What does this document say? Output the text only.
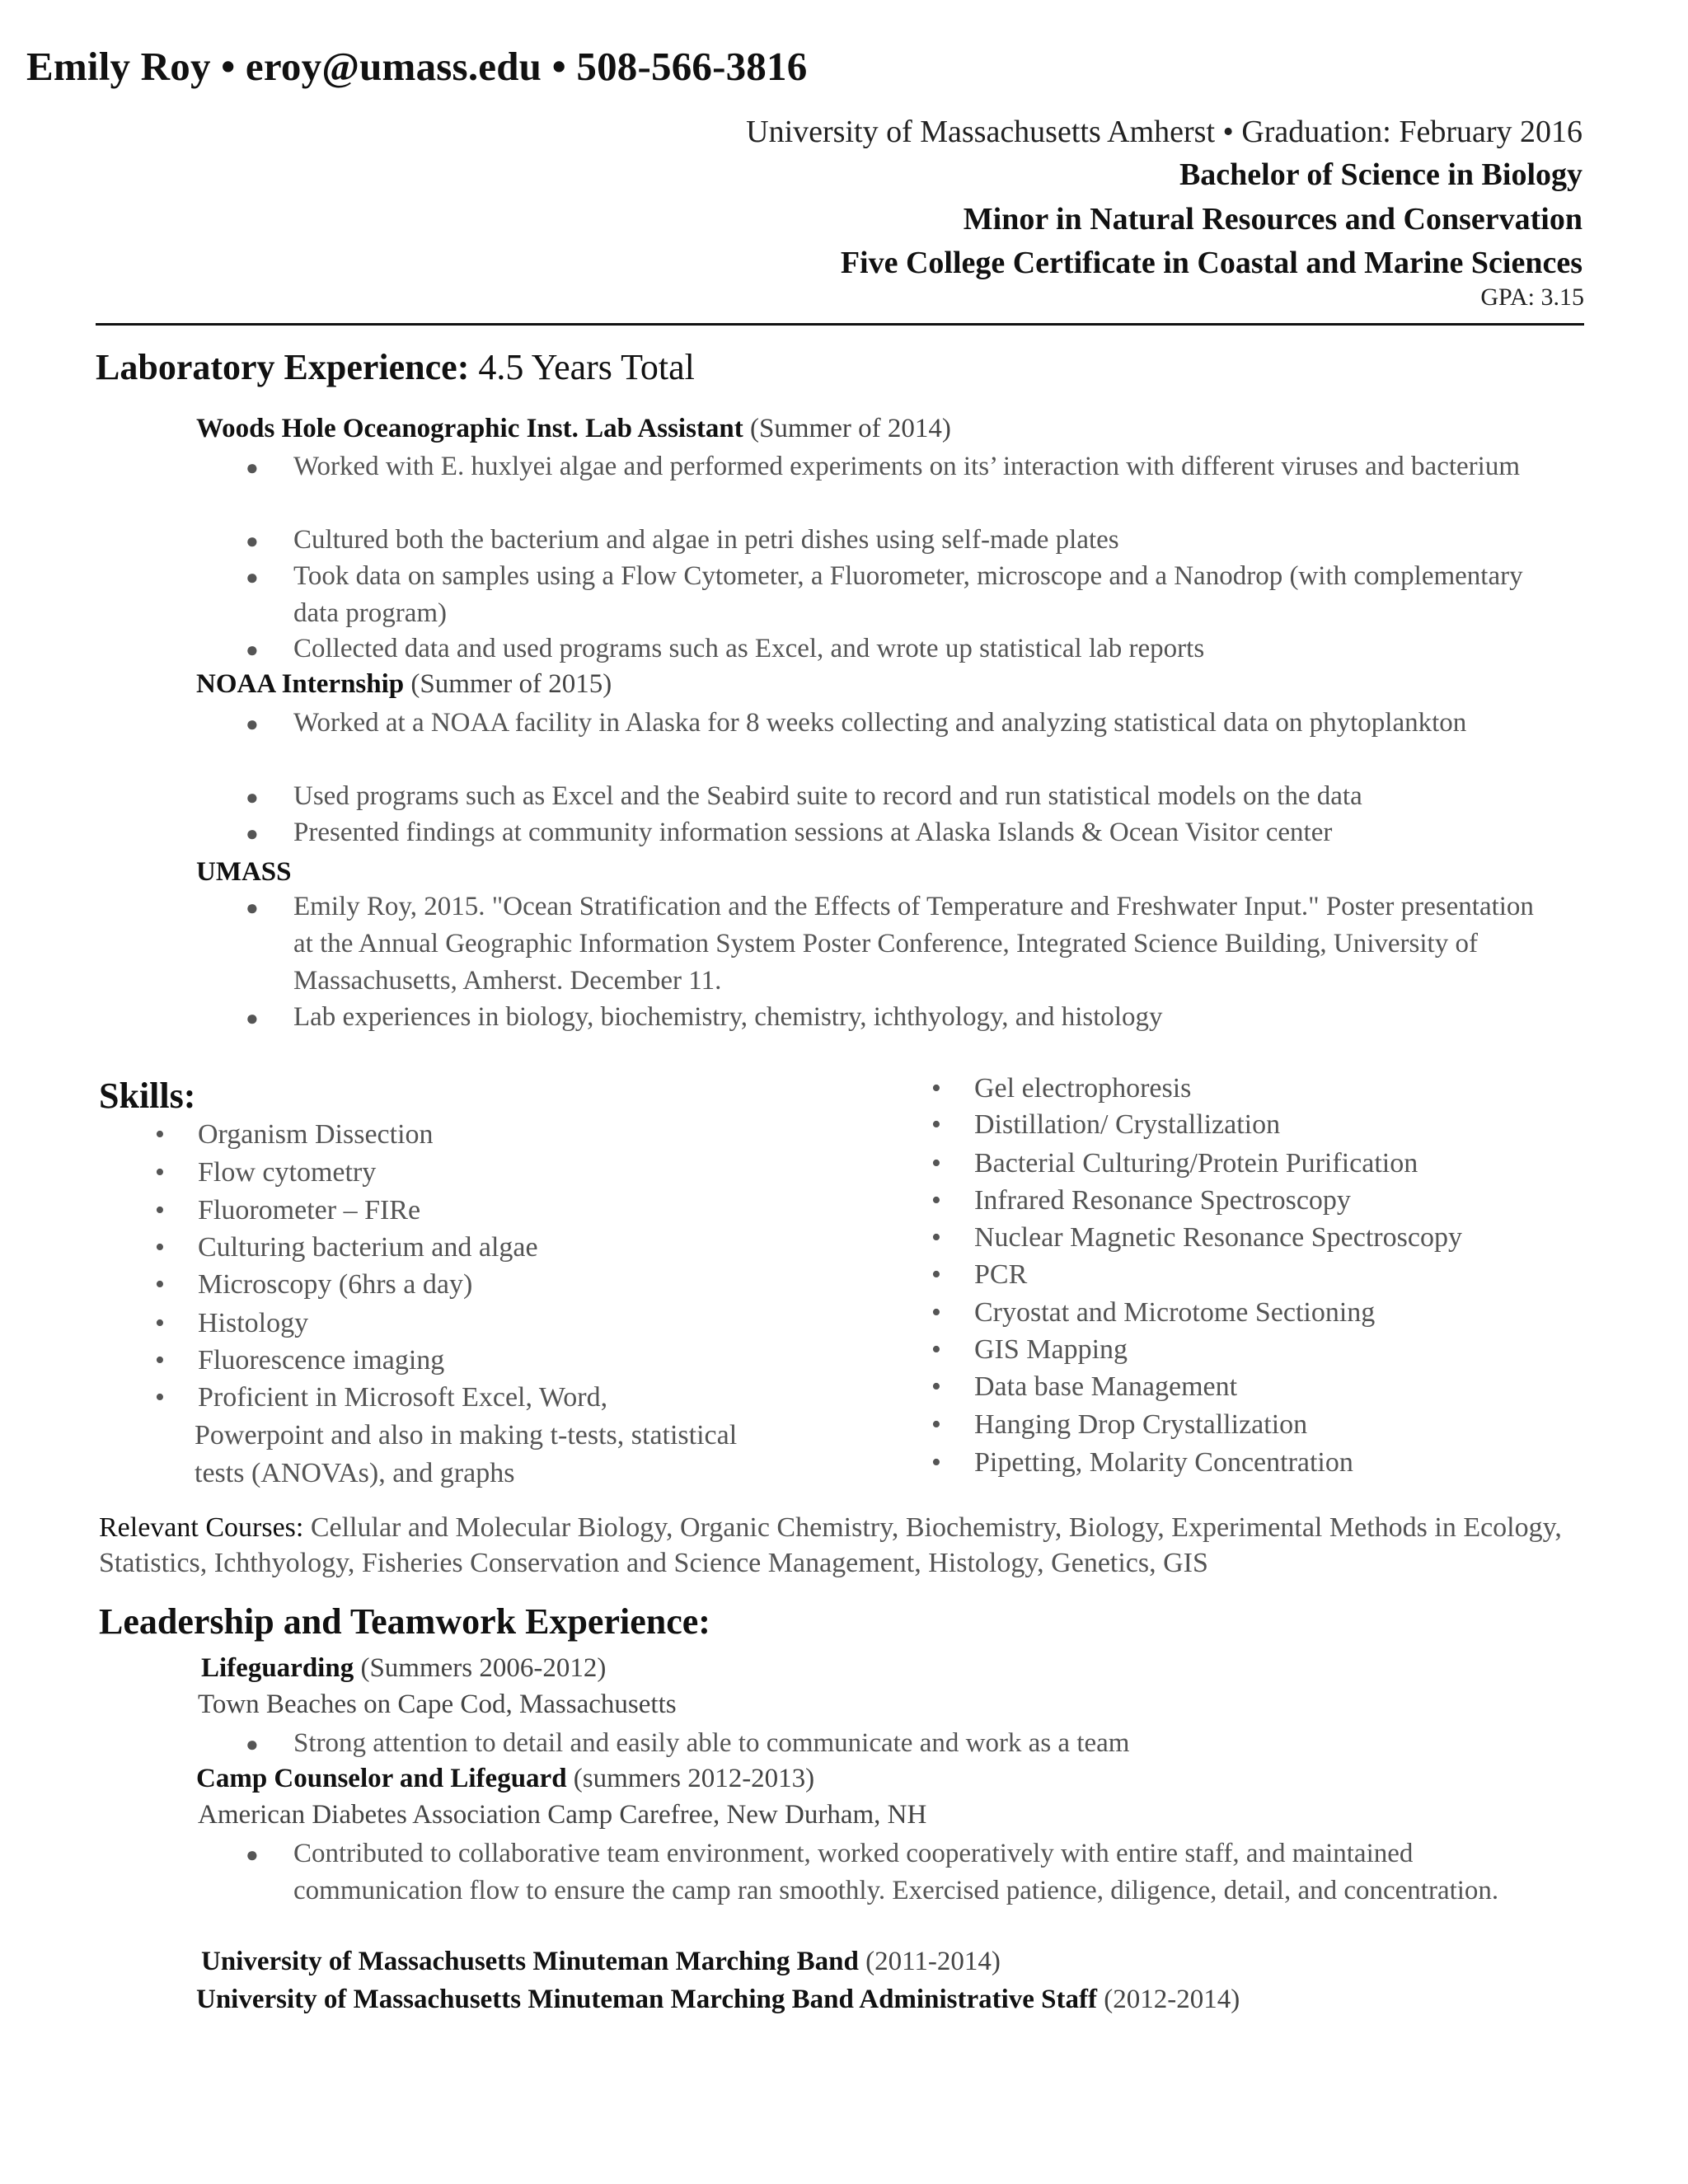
Emily Roy • eroy@umass.edu • 508-566-3816
University of Massachusetts Amherst • Graduation: February 2016
Bachelor of Science in Biology
Minor in Natural Resources and Conservation
Five College Certificate in Coastal and Marine Sciences
GPA: 3.15
Laboratory Experience: 4.5 Years Total
Woods Hole Oceanographic Inst. Lab Assistant (Summer of 2014)
● Worked with E. huxlyei algae and performed experiments on its’ interaction with different viruses and bacterium
● Cultured both the bacterium and algae in petri dishes using self-made plates
● Took data on samples using a Flow Cytometer, a Fluorometer, microscope and a Nanodrop (with complementary data program)
● Collected data and used programs such as Excel, and wrote up statistical lab reports
NOAA Internship (Summer of 2015)
● Worked at a NOAA facility in Alaska for 8 weeks collecting and analyzing statistical data on phytoplankton
● Used programs such as Excel and the Seabird suite to record and run statistical models on the data
● Presented findings at community information sessions at Alaska Islands & Ocean Visitor center
UMASS
● Emily Roy, 2015. "Ocean Stratification and the Effects of Temperature and Freshwater Input." Poster presentation at the Annual Geographic Information System Poster Conference, Integrated Science Building, University of Massachusetts, Amherst. December 11.
● Lab experiences in biology, biochemistry, chemistry, ichthyology, and histology
Skills:
• Organism Dissection
• Flow cytometry
• Fluorometer – FIRe
• Culturing bacterium and algae
• Microscopy (6hrs a day)
• Histology
• Fluorescence imaging
• Proficient in Microsoft Excel, Word,
Powerpoint and also in making t-tests, statistical
tests (ANOVAs), and graphs
• Gel electrophoresis
• Distillation/ Crystallization
• Bacterial Culturing/Protein Purification
• Infrared Resonance Spectroscopy
• Nuclear Magnetic Resonance Spectroscopy
• PCR
• Cryostat and Microtome Sectioning
• GIS Mapping
• Data base Management
• Hanging Drop Crystallization
• Pipetting, Molarity Concentration
Relevant Courses: Cellular and Molecular Biology, Organic Chemistry, Biochemistry, Biology, Experimental Methods in Ecology, Statistics, Ichthyology, Fisheries Conservation and Science Management, Histology, Genetics, GIS
Leadership and Teamwork Experience:
Lifeguarding (Summers 2006-2012)
Town Beaches on Cape Cod, Massachusetts
● Strong attention to detail and easily able to communicate and work as a team
Camp Counselor and Lifeguard (summers 2012-2013)
American Diabetes Association Camp Carefree, New Durham, NH
● Contributed to collaborative team environment, worked cooperatively with entire staff, and maintained communication flow to ensure the camp ran smoothly. Exercised patience, diligence, detail, and concentration.
University of Massachusetts Minuteman Marching Band (2011-2014)
University of Massachusetts Minuteman Marching Band Administrative Staff (2012-2014)
